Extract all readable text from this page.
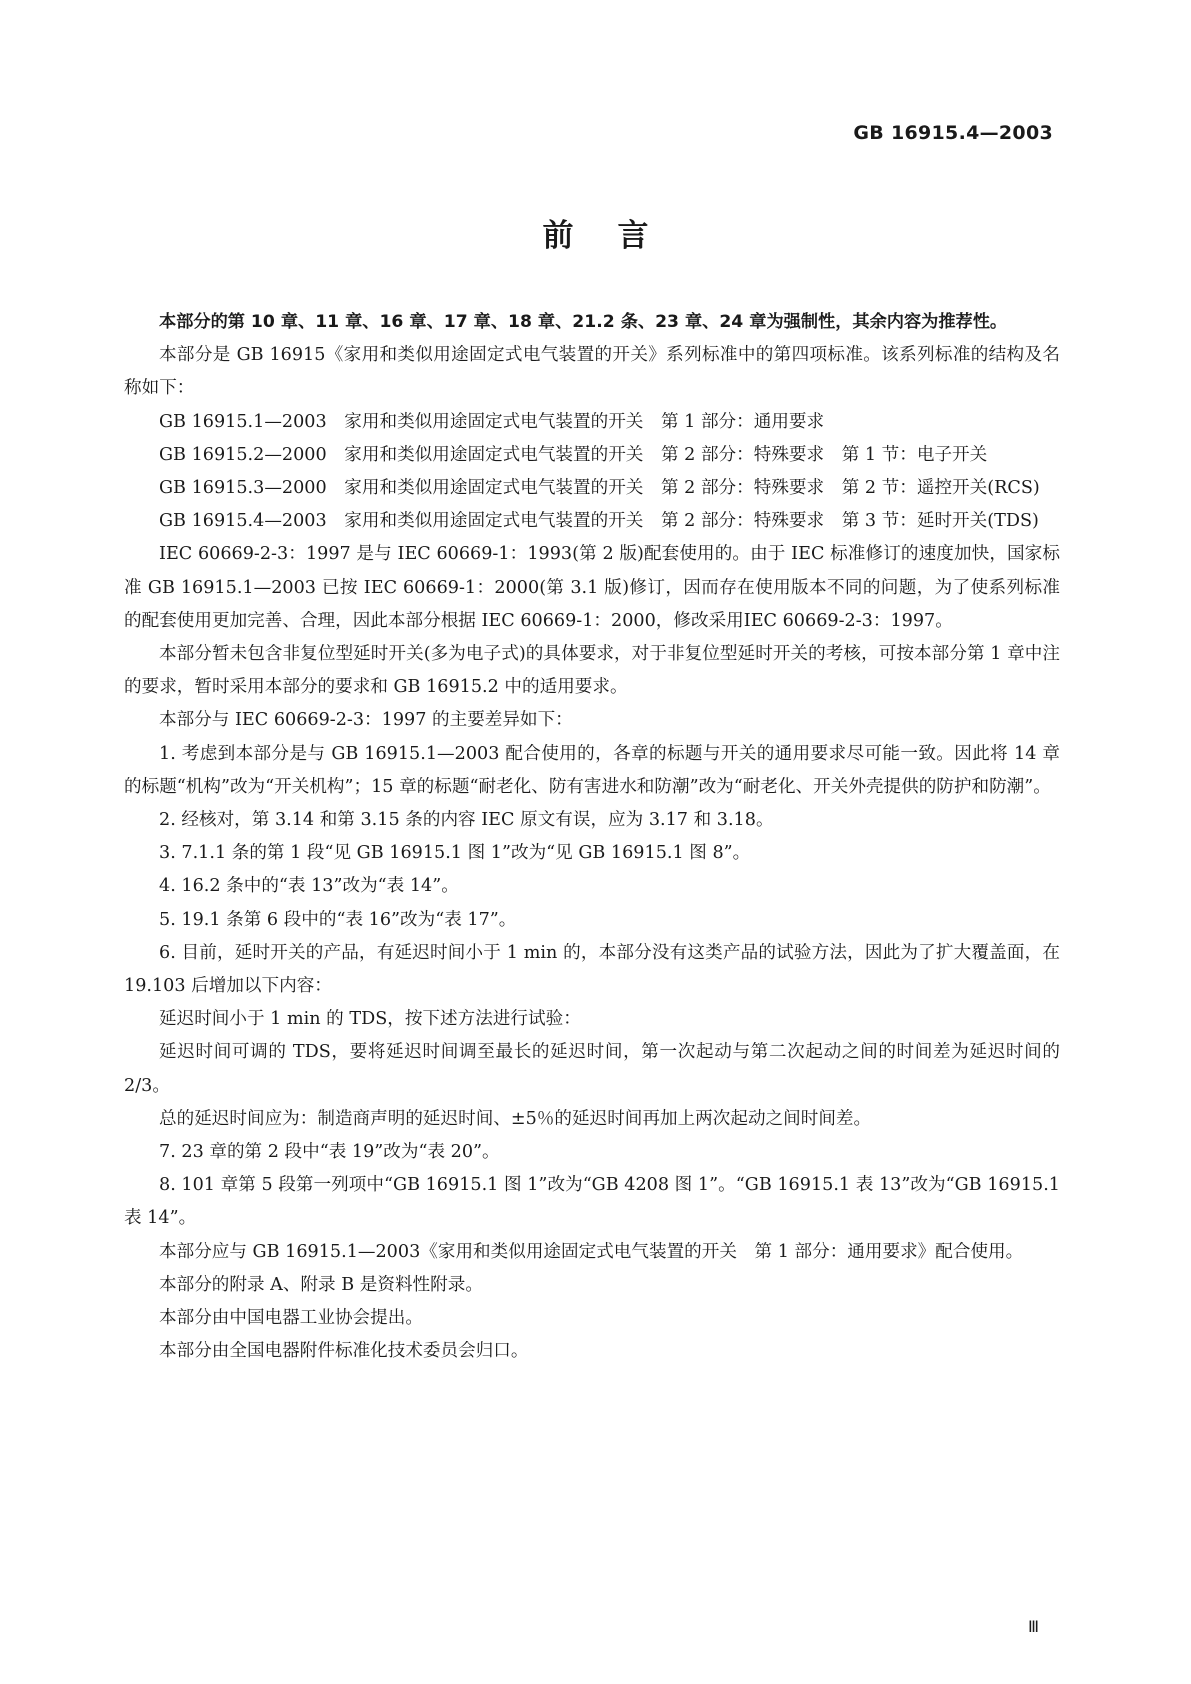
GB 16915.4—2003
前言

本部分的第 10 章、11 章、16 章、17 章、18 章、21.2 条、23 章、24 章为强制性，其余内容为推荐性。

本部分是 GB 16915《家用和类似用途固定式电气装置的开关》系列标准中的第四项标准。该系列标准的结构及名称如下：

GB 16915.1—2003　家用和类似用途固定式电气装置的开关　第 1 部分：通用要求

GB 16915.2—2000　家用和类似用途固定式电气装置的开关　第 2 部分：特殊要求　第 1 节：电子开关

GB 16915.3—2000　家用和类似用途固定式电气装置的开关　第 2 部分：特殊要求　第 2 节：遥控开关(RCS)

GB 16915.4—2003　家用和类似用途固定式电气装置的开关　第 2 部分：特殊要求　第 3 节：延时开关(TDS)

IEC 60669-2-3：1997 是与 IEC 60669-1：1993(第 2 版)配套使用的。由于 IEC 标准修订的速度加快，国家标准 GB 16915.1—2003 已按 IEC 60669-1：2000(第 3.1 版)修订，因而存在使用版本不同的问题，为了使系列标准的配套使用更加完善、合理，因此本部分根据 IEC 60669-1：2000，修改采用IEC 60669-2-3：1997。

本部分暂未包含非复位型延时开关(多为电子式)的具体要求，对于非复位型延时开关的考核，可按本部分第 1 章中注的要求，暂时采用本部分的要求和 GB 16915.2 中的适用要求。

本部分与 IEC 60669-2-3：1997 的主要差异如下：

1. 考虑到本部分是与 GB 16915.1—2003 配合使用的，各章的标题与开关的通用要求尽可能一致。因此将 14 章的标题“机构”改为“开关机构”；15 章的标题“耐老化、防有害进水和防潮”改为“耐老化、开关外壳提供的防护和防潮”。

2. 经核对，第 3.14 和第 3.15 条的内容 IEC 原文有误，应为 3.17 和 3.18。

3. 7.1.1 条的第 1 段“见 GB 16915.1 图 1”改为“见 GB 16915.1 图 8”。

4. 16.2 条中的“表 13”改为“表 14”。

5. 19.1 条第 6 段中的“表 16”改为“表 17”。

6. 目前，延时开关的产品，有延迟时间小于 1 min 的，本部分没有这类产品的试验方法，因此为了扩大覆盖面，在 19.103 后增加以下内容：

延迟时间小于 1 min 的 TDS，按下述方法进行试验：

延迟时间可调的 TDS，要将延迟时间调至最长的延迟时间，第一次起动与第二次起动之间的时间差为延迟时间的 2/3。

总的延迟时间应为：制造商声明的延迟时间、±5％的延迟时间再加上两次起动之间时间差。

7. 23 章的第 2 段中“表 19”改为“表 20”。

8. 101 章第 5 段第一列项中“GB 16915.1 图 1”改为“GB 4208 图 1”。“GB 16915.1 表 13”改为“GB 16915.1 表 14”。

本部分应与 GB 16915.1—2003《家用和类似用途固定式电气装置的开关　第 1 部分：通用要求》配合使用。

本部分的附录 A、附录 B 是资料性附录。

本部分由中国电器工业协会提出。

本部分由全国电器附件标准化技术委员会归口。

Ⅲ
